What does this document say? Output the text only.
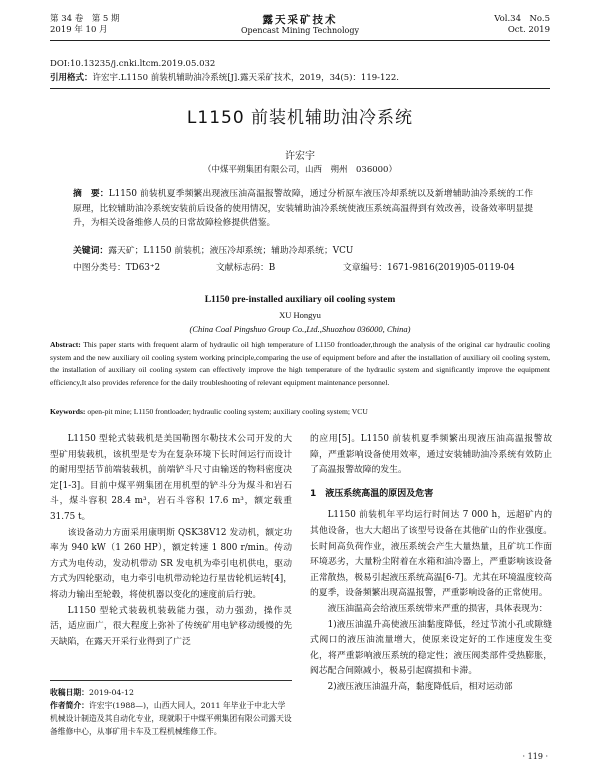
第 34 卷　第 5 期
2019 年 10 月
露天采矿技术
Opencast Mining Technology
Vol.34　No.5
Oct. 2019
DOI:10.13235/j.cnki.ltcm.2019.05.032
引用格式：许宏宇.L1150 前装机辅助油冷系统[J].露天采矿技术，2019，34(5)：119-122.
L1150 前装机辅助油冷系统
许宏宇
（中煤平朔集团有限公司，山西　朔州　036000）
摘　要：L1150 前装机夏季频繁出现液压油高温报警故障，通过分析原车液压冷却系统以及新增辅助油冷系统的工作原理，比较辅助油冷系统安装前后设备的使用情况，安装辅助油冷系统使液压系统高温得到有效改善，设备效率明显提升，为相关设备维修人员的日常故障检修提供借鉴。
关键词：露天矿；L1150 前装机；液压冷却系统；辅助冷却系统；VCU
中图分类号：TD63⁺2	文献标志码：B	文章编号：1671-9816(2019)05-0119-04
L1150 pre-installed auxiliary oil cooling system
XU Hongyu
(China Coal Pingshuo Group Co.,Ltd.,Shuozhou 036000, China)
Abstract: This paper starts with frequent alarm of hydraulic oil high temperature of L1150 frontloader,through the analysis of the original car hydraulic cooling system and the new auxiliary oil cooling system working principle,comparing the use of equipment before and after the installation of auxiliary oil cooling system, the installation of auxiliary oil cooling system can effectively improve the high temperature of the hydraulic system and significantly improve the equipment efficiency,It also provides reference for the daily troubleshooting of relevant equipment maintenance personnel.
Keywords: open-pit mine; L1150 frontloader; hydraulic cooling system; auxiliary cooling system; VCU

L1150 型轮式装载机是美国勒图尔勒技术公司开发的大型矿用装载机，该机型是专为在复杂环境下长时间运行而设计的耐用型括节前端装载机，前端铲斗尺寸由输送的物料密度决定[1-3]。目前中煤平朔集团在用机型的铲斗分为煤斗和岩石斗，煤斗容积 28.4 m³，岩石斗容积 17.6 m³，额定载重 31.75 t。

该设备动力方面采用康明斯 QSK38V12 发动机，额定功率为 940 kW（1 260 HP），额定转速 1 800 r/min。传动方式为电传动，发动机带动 SR 发电机为牵引电机供电，驱动方式为四轮驱动，电力牵引电机带动轮边行星齿轮机运转[4]，将动力输出至轮毂，将使机器以变化的速度前后行驶。

L1150 型轮式装载机装载能力强，动力强劲，操作灵活，适应面广，很大程度上弥补了传统矿用电铲移动缓慢的先天缺陷，在露天开采行业得到了广泛

收稿日期：2019-04-12

作者简介：许宏宇(1988—)，山西大同人，2011 年毕业于中北大学机械设计制造及其自动化专业，现就职于中煤平朔集团有限公司露天设备维修中心，从事矿用卡车及工程机械维修工作。

的应用[5]。L1150 前装机夏季频繁出现液压油高温报警故障，严重影响设备使用效率，通过安装辅助油冷系统有效防止了高温报警故障的发生。

1　液压系统高温的原因及危害

L1150 前装机年平均运行时间达 7 000 h，远超矿内的其他设备，也大大超出了该型号设备在其他矿山的作业强度。长时间高负荷作业，液压系统会产生大量热量，且矿坑工作面环境恶劣，大量粉尘附着在水箱和油冷器上，严重影响该设备正常散热，极易引起液压系统高温[6-7]。尤其在环境温度较高的夏季，设备频繁出现高温报警，严重影响设备的正常使用。

液压油温高会给液压系统带来严重的损害，具体表现为：

1)液压油温升高使液压油黏度降低，经过节流小孔或隙缝式阀口的液压油流量增大，使原来设定好的工作速度发生变化，将严重影响液压系统的稳定性；液压阀类部件受热膨胀，阀芯配合间隙减小，极易引起腐损和卡滞。

2)液压液压油温升高，黏度降低后，相对运动部

· 119 ·
